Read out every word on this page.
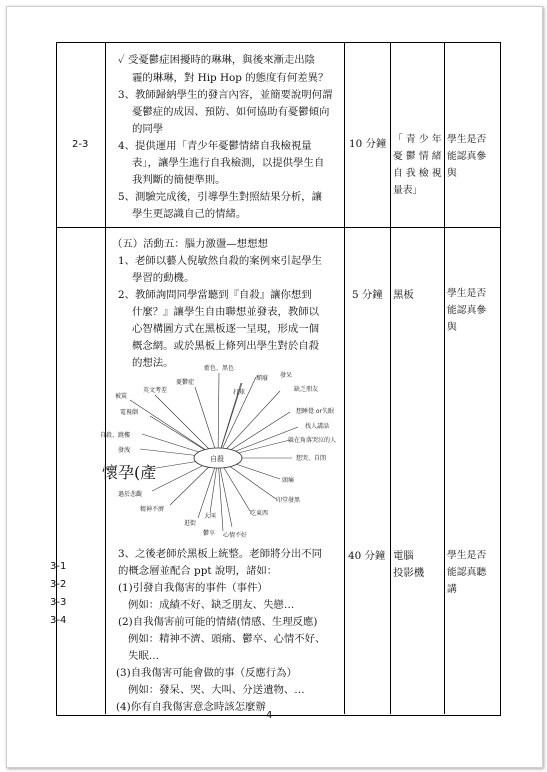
2-3
✓ 受憂鬱症困擾時的琳琳，與後來漸走出陰
霾的琳琳，對 Hip Hop 的態度有何差異？
3、教師歸納學生的發言內容，並簡要說明何謂
憂鬱症的成因、預防、如何協助有憂鬱傾向
的同學
4、提供運用「青少年憂鬱情緒自我檢視量
表」，讓學生進行自我檢測，以提供學生自
我判斷的簡便準則。
5、測驗完成後，引導學生對照結果分析，讓
學生更認識自己的情緒。
10 分鐘 「 青 少 年
憂 鬱 情 緒
自 我 檢 視
量表」
學生是否
能認真參
與
（五）活動五：腦力激盪—想想想
1、老師以藝人倪敏然自殺的案例來引起學生
學習的動機。
2、教師詢問同學當聽到『自殺』讓你想到
什麼？』讓學生自由聯想並發表，教師以
心智構圖方式在黑板逐一呈現，形成一個
概念網。或於黑板上條列出學生對於自殺
的想法。
5 分鐘 黑板	學生是否
能認真參
與
自殺
懷孕(產
藍色、黑色
發呆
頹廢
缺乏朋友
打球
憂鬱症
英文考差
被罵
電視劇
自殺、跳樓
發洩
想睡覺 or失眠
找人講話
躲在角落哭泣的人
想哭、自閉
頭痛
印堂發黑
吃東西
心情不好
鬱卒
大叫
逛街
精神不濟
過於悲觀
3-1
3-2
3-3
3-4
3、之後老師於黑板上統整。老師將分出不同
的概念層並配合 ppt 說明，諸如：
(1)引發自我傷害的事件（事件）
例如：成績不好、缺乏朋友、失戀…
(2)自我傷害前可能的情緒(情感、生理反應)
例如：精神不濟、頭痛、鬱卒、心情不好、
失眠…
(3)自我傷害可能會做的事（反應行為）
例如：發呆、哭、大叫、分送遺物、…
(4)你有自我傷害意念時該怎麼辦
40 分鐘 電腦
投影機
學生是否
能認真聽
講
4
